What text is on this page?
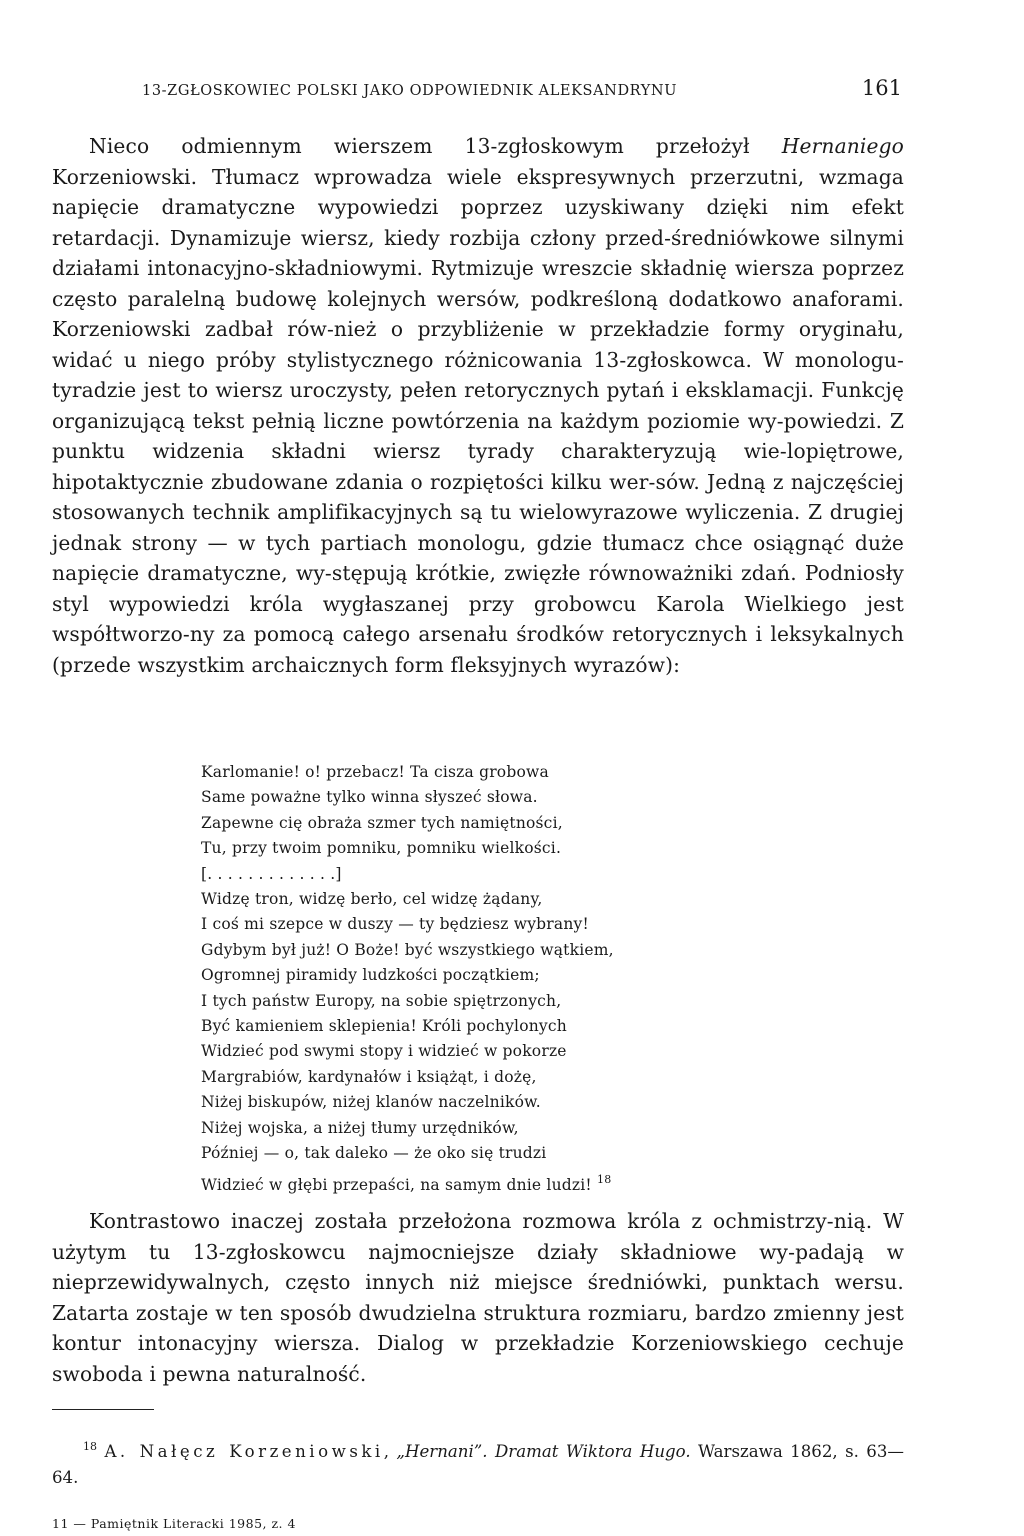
13-ZGŁOSKOWIEC POLSKI JAKO ODPOWIEDNIK ALEKSANDRYNU	161

Nieco odmiennym wierszem 13-zgłoskowym przełożył Hernaniego Korzeniowski. Tłumacz wprowadza wiele ekspresywnych przerzutni, wzmaga napięcie dramatyczne wypowiedzi poprzez uzyskiwany dzięki nim efekt retardacji. Dynamizuje wiersz, kiedy rozbija człony przed-średniówkowe silnymi działami intonacyjno-składniowymi. Rytmizuje wreszcie składnię wiersza poprzez często paralelną budowę kolejnych wersów, podkreśloną dodatkowo anaforami. Korzeniowski zadbał rów-nież o przybliżenie w przekładzie formy oryginału, widać u niego próby stylistycznego różnicowania 13-zgłoskowca. W monologu-tyradzie jest to wiersz uroczysty, pełen retorycznych pytań i eksklamacji. Funkcję organizującą tekst pełnią liczne powtórzenia na każdym poziomie wy-powiedzi. Z punktu widzenia składni wiersz tyrady charakteryzują wie-lopiętrowe, hipotaktycznie zbudowane zdania o rozpiętości kilku wer-sów. Jedną z najczęściej stosowanych technik amplifikacyjnych są tu wielowyrazowe wyliczenia. Z drugiej jednak strony — w tych partiach monologu, gdzie tłumacz chce osiągnąć duże napięcie dramatyczne, wy-stępują krótkie, zwięzłe równoważniki zdań. Podniosły styl wypowiedzi króla wygłaszanej przy grobowcu Karola Wielkiego jest współtworzo-ny za pomocą całego arsenału środków retorycznych i leksykalnych (przede wszystkim archaicznych form fleksyjnych wyrazów):

Karlomanie! o! przebacz! Ta cisza grobowa
Same poważne tylko winna słyszeć słowa.
Zapewne cię obraża szmer tych namiętności,
Tu, przy twoim pomniku, pomniku wielkości.
[. . . . . . . . . . . . .]
Widzę tron, widzę berło, cel widzę żądany,
I coś mi szepce w duszy — ty będziesz wybrany!
Gdybym był już! O Boże! być wszystkiego wątkiem,
Ogromnej piramidy ludzkości początkiem;
I tych państw Europy, na sobie spiętrzonych,
Być kamieniem sklepienia! Króli pochylonych
Widzieć pod swymi stopy i widzieć w pokorze
Margrabiów, kardynałów i książąt, i dożę,
Niżej biskupów, niżej klanów naczelników.
Niżej wojska, a niżej tłumy urzędników,
Później — o, tak daleko — że oko się trudzi
Widzieć w głębi przepaści, na samym dnie ludzi! $^{18}$

Kontrastowo inaczej została przełożona rozmowa króla z ochmistrzy-nią. W użytym tu 13-zgłoskowcu najmocniejsze działy składniowe wy-padają w nieprzewidywalnych, często innych niż miejsce średniówki, punktach wersu. Zatarta zostaje w ten sposób dwudzielna struktura rozmiaru, bardzo zmienny jest kontur intonacyjny wiersza. Dialog w przekładzie Korzeniowskiego cechuje swoboda i pewna naturalność.

$^{18}$ A. Nałęcz Korzeniowski, „Hernani”. Dramat Wiktora Hugo. Warszawa 1862, s. 63—64.

11 — Pamiętnik Literacki 1985, z. 4
